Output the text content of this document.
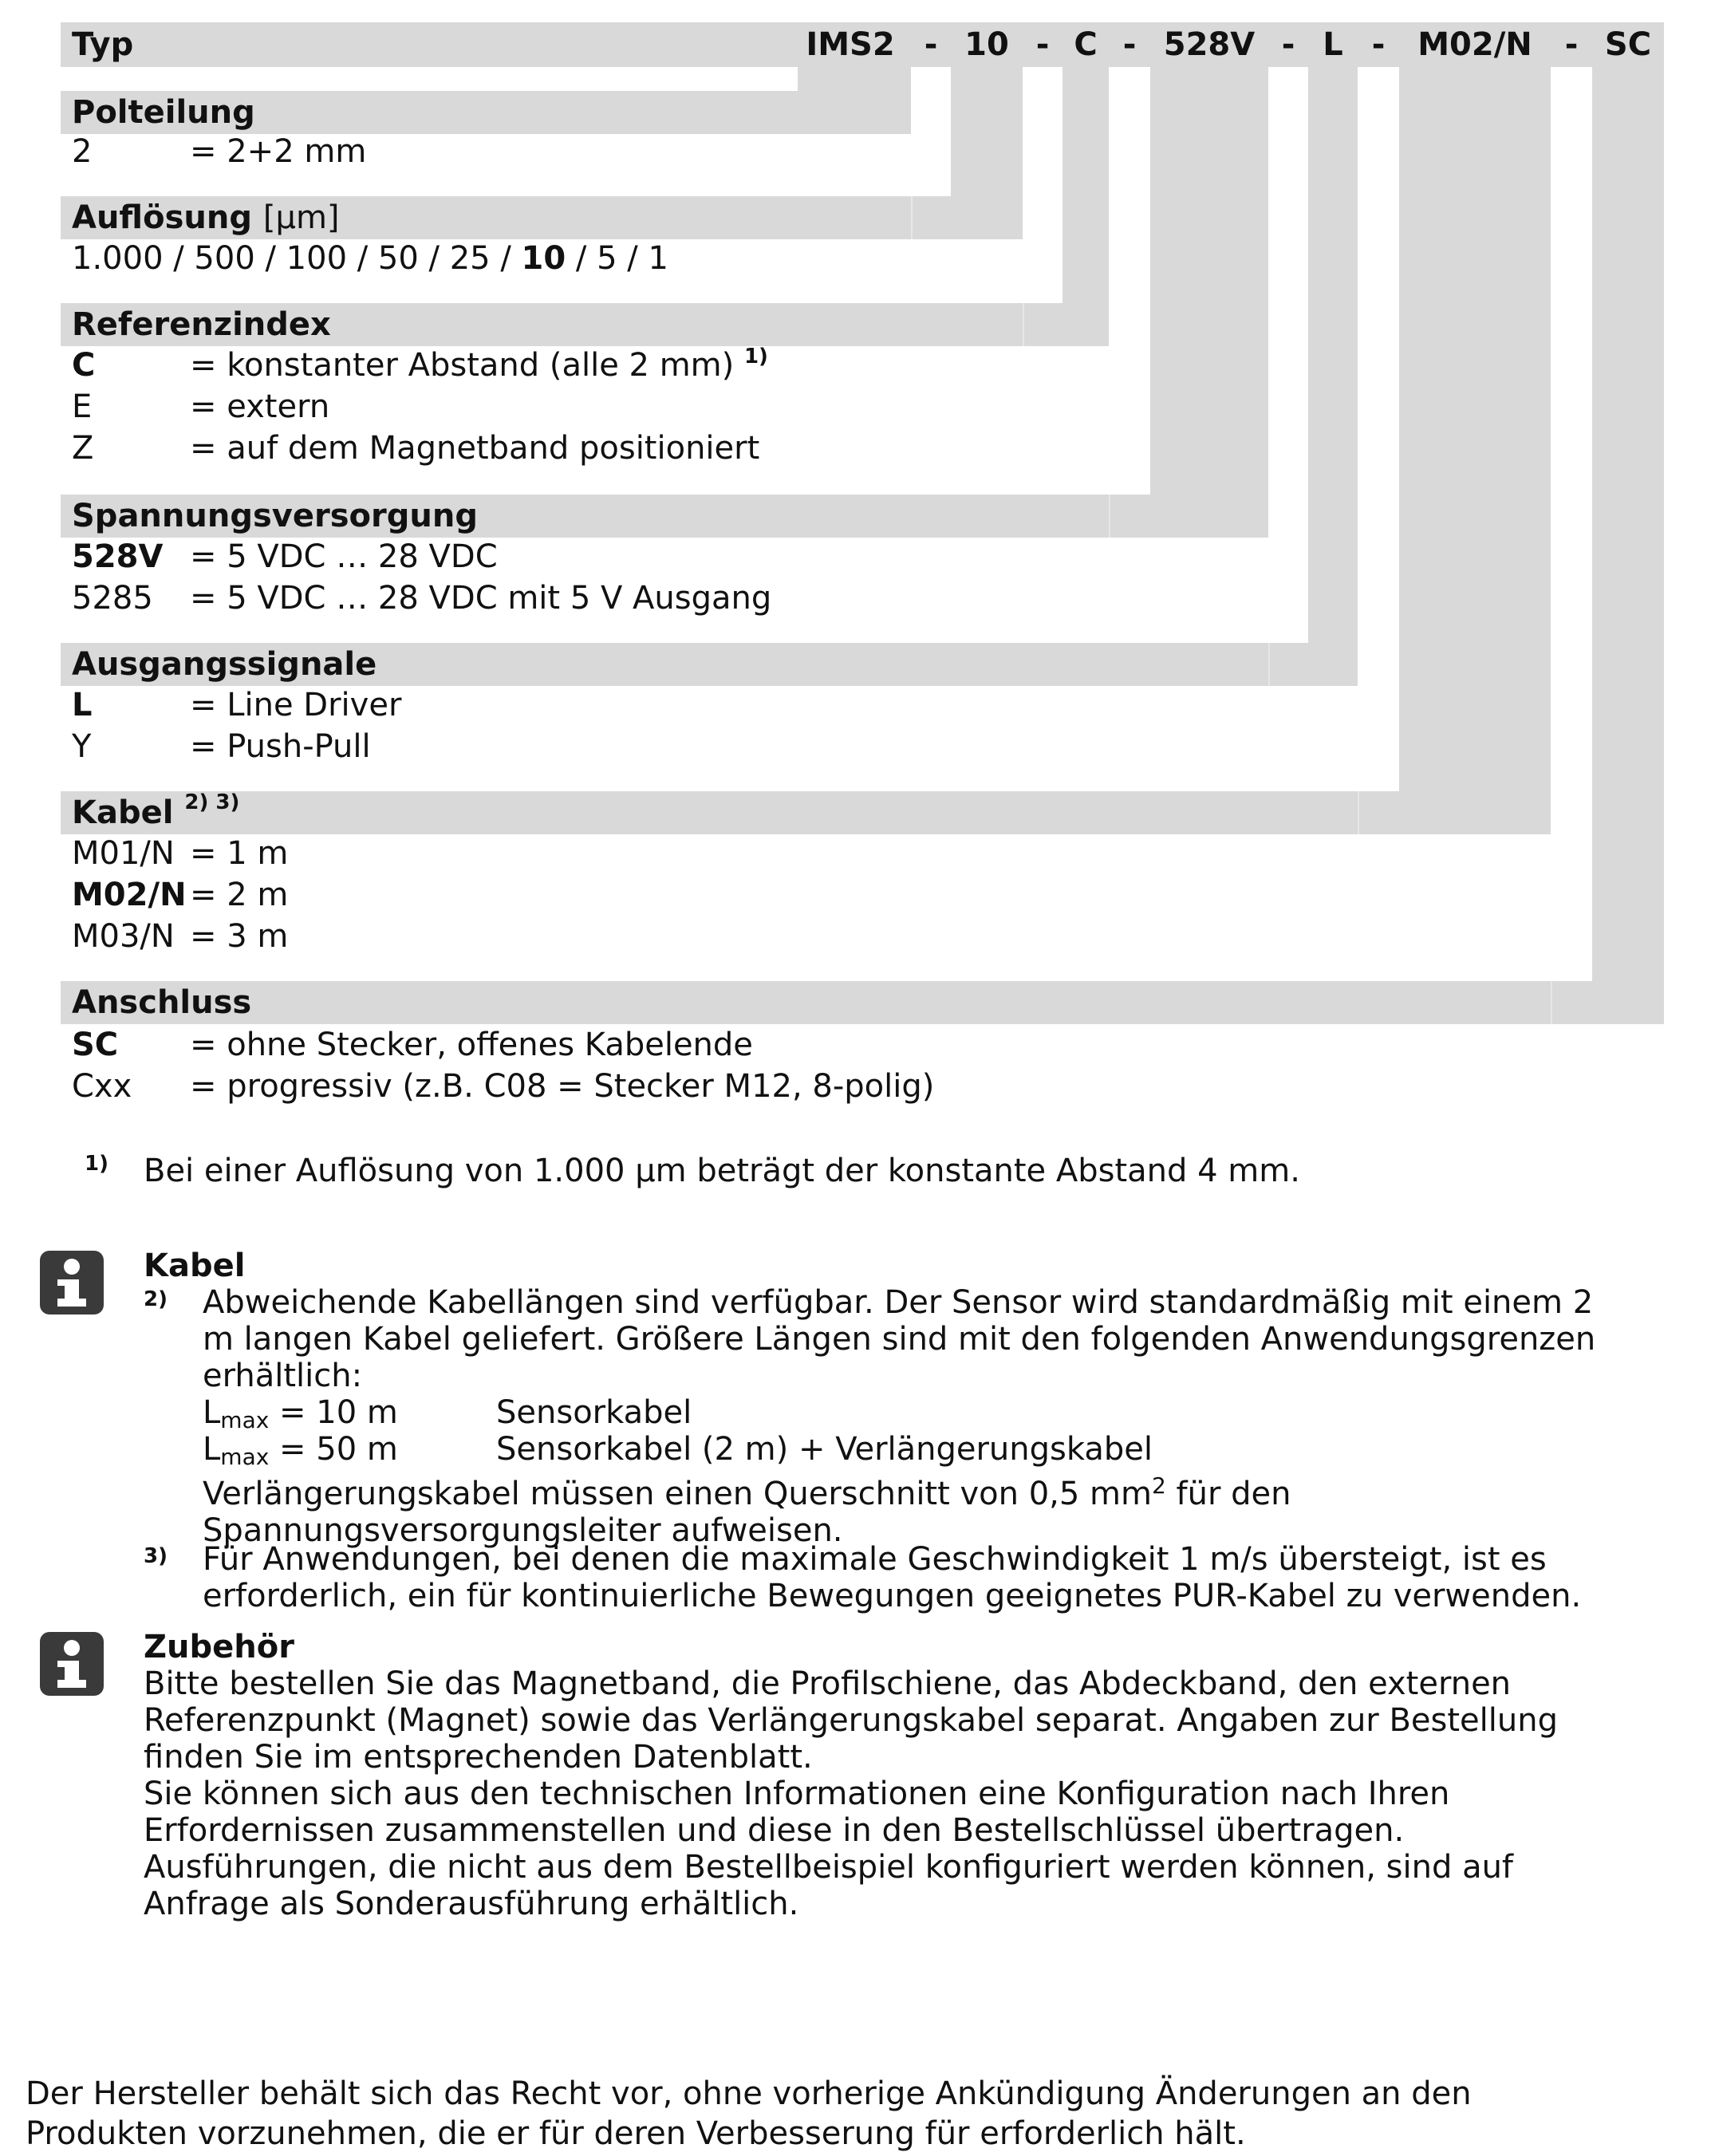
Typ	IMS2 - 10 - C - 528V - L -	M02/N	- SC
Polteilung
2	= 2+2 mm
Auflösung [µm]
1.000 / 500 / 100 / 50 / 25 / 10 / 5 / 1
Referenzindex
C	= konstanter Abstand (alle 2 mm) $^{1)}$
E	= extern
Z	= auf dem Magnetband positioniert
Spannungsversorgung
528V = 5 VDC … 28 VDC
5285 = 5 VDC … 28 VDC mit 5 V Ausgang
Ausgangssignale
L	= Line Driver
Y	= Push-Pull
Kabel $^{2) 3)}$
M01/N = 1 m
M02/N = 2 m
M03/N = 3 m
Anschluss
SC = ohne Stecker, offenes Kabelende
Cxx = progressiv (z.B. C08 = Stecker M12, 8-polig)
1) Bei einer Auflösung von 1.000 µm beträgt der konstante Abstand 4 mm.
Kabel
2) Abweichende Kabellängen sind verfügbar. Der Sensor wird standardmäßig mit einem 2 m langen Kabel geliefert. Größere Längen sind mit den folgenden Anwendungsgrenzen erhältlich:
$L_{max} = 10$ m	Sensorkabel
$L_{max} = 50$ m	Sensorkabel (2 m) + Verlängerungskabel
Verlängerungskabel müssen einen Querschnitt von 0,5 $mm^2$ für den Spannungsversorgungsleiter aufweisen.
3) Für Anwendungen, bei denen die maximale Geschwindigkeit 1 m/s übersteigt, ist es erforderlich, ein für kontinuierliche Bewegungen geeignetes PUR-Kabel zu verwenden.
Zubehör
Bitte bestellen Sie das Magnetband, die Profilschiene, das Abdeckband, den externen Referenzpunkt (Magnet) sowie das Verlängerungskabel separat. Angaben zur Bestellung finden Sie im entsprechenden Datenblatt.
Sie können sich aus den technischen Informationen eine Konfiguration nach Ihren Erfordernissen zusammenstellen und diese in den Bestellschlüssel übertragen.
Ausführungen, die nicht aus dem Bestellbeispiel konfiguriert werden können, sind auf Anfrage als Sonderausführung erhältlich.
Der Hersteller behält sich das Recht vor, ohne vorherige Ankündigung Änderungen an den Produkten vorzunehmen, die er für deren Verbesserung für erforderlich hält.
